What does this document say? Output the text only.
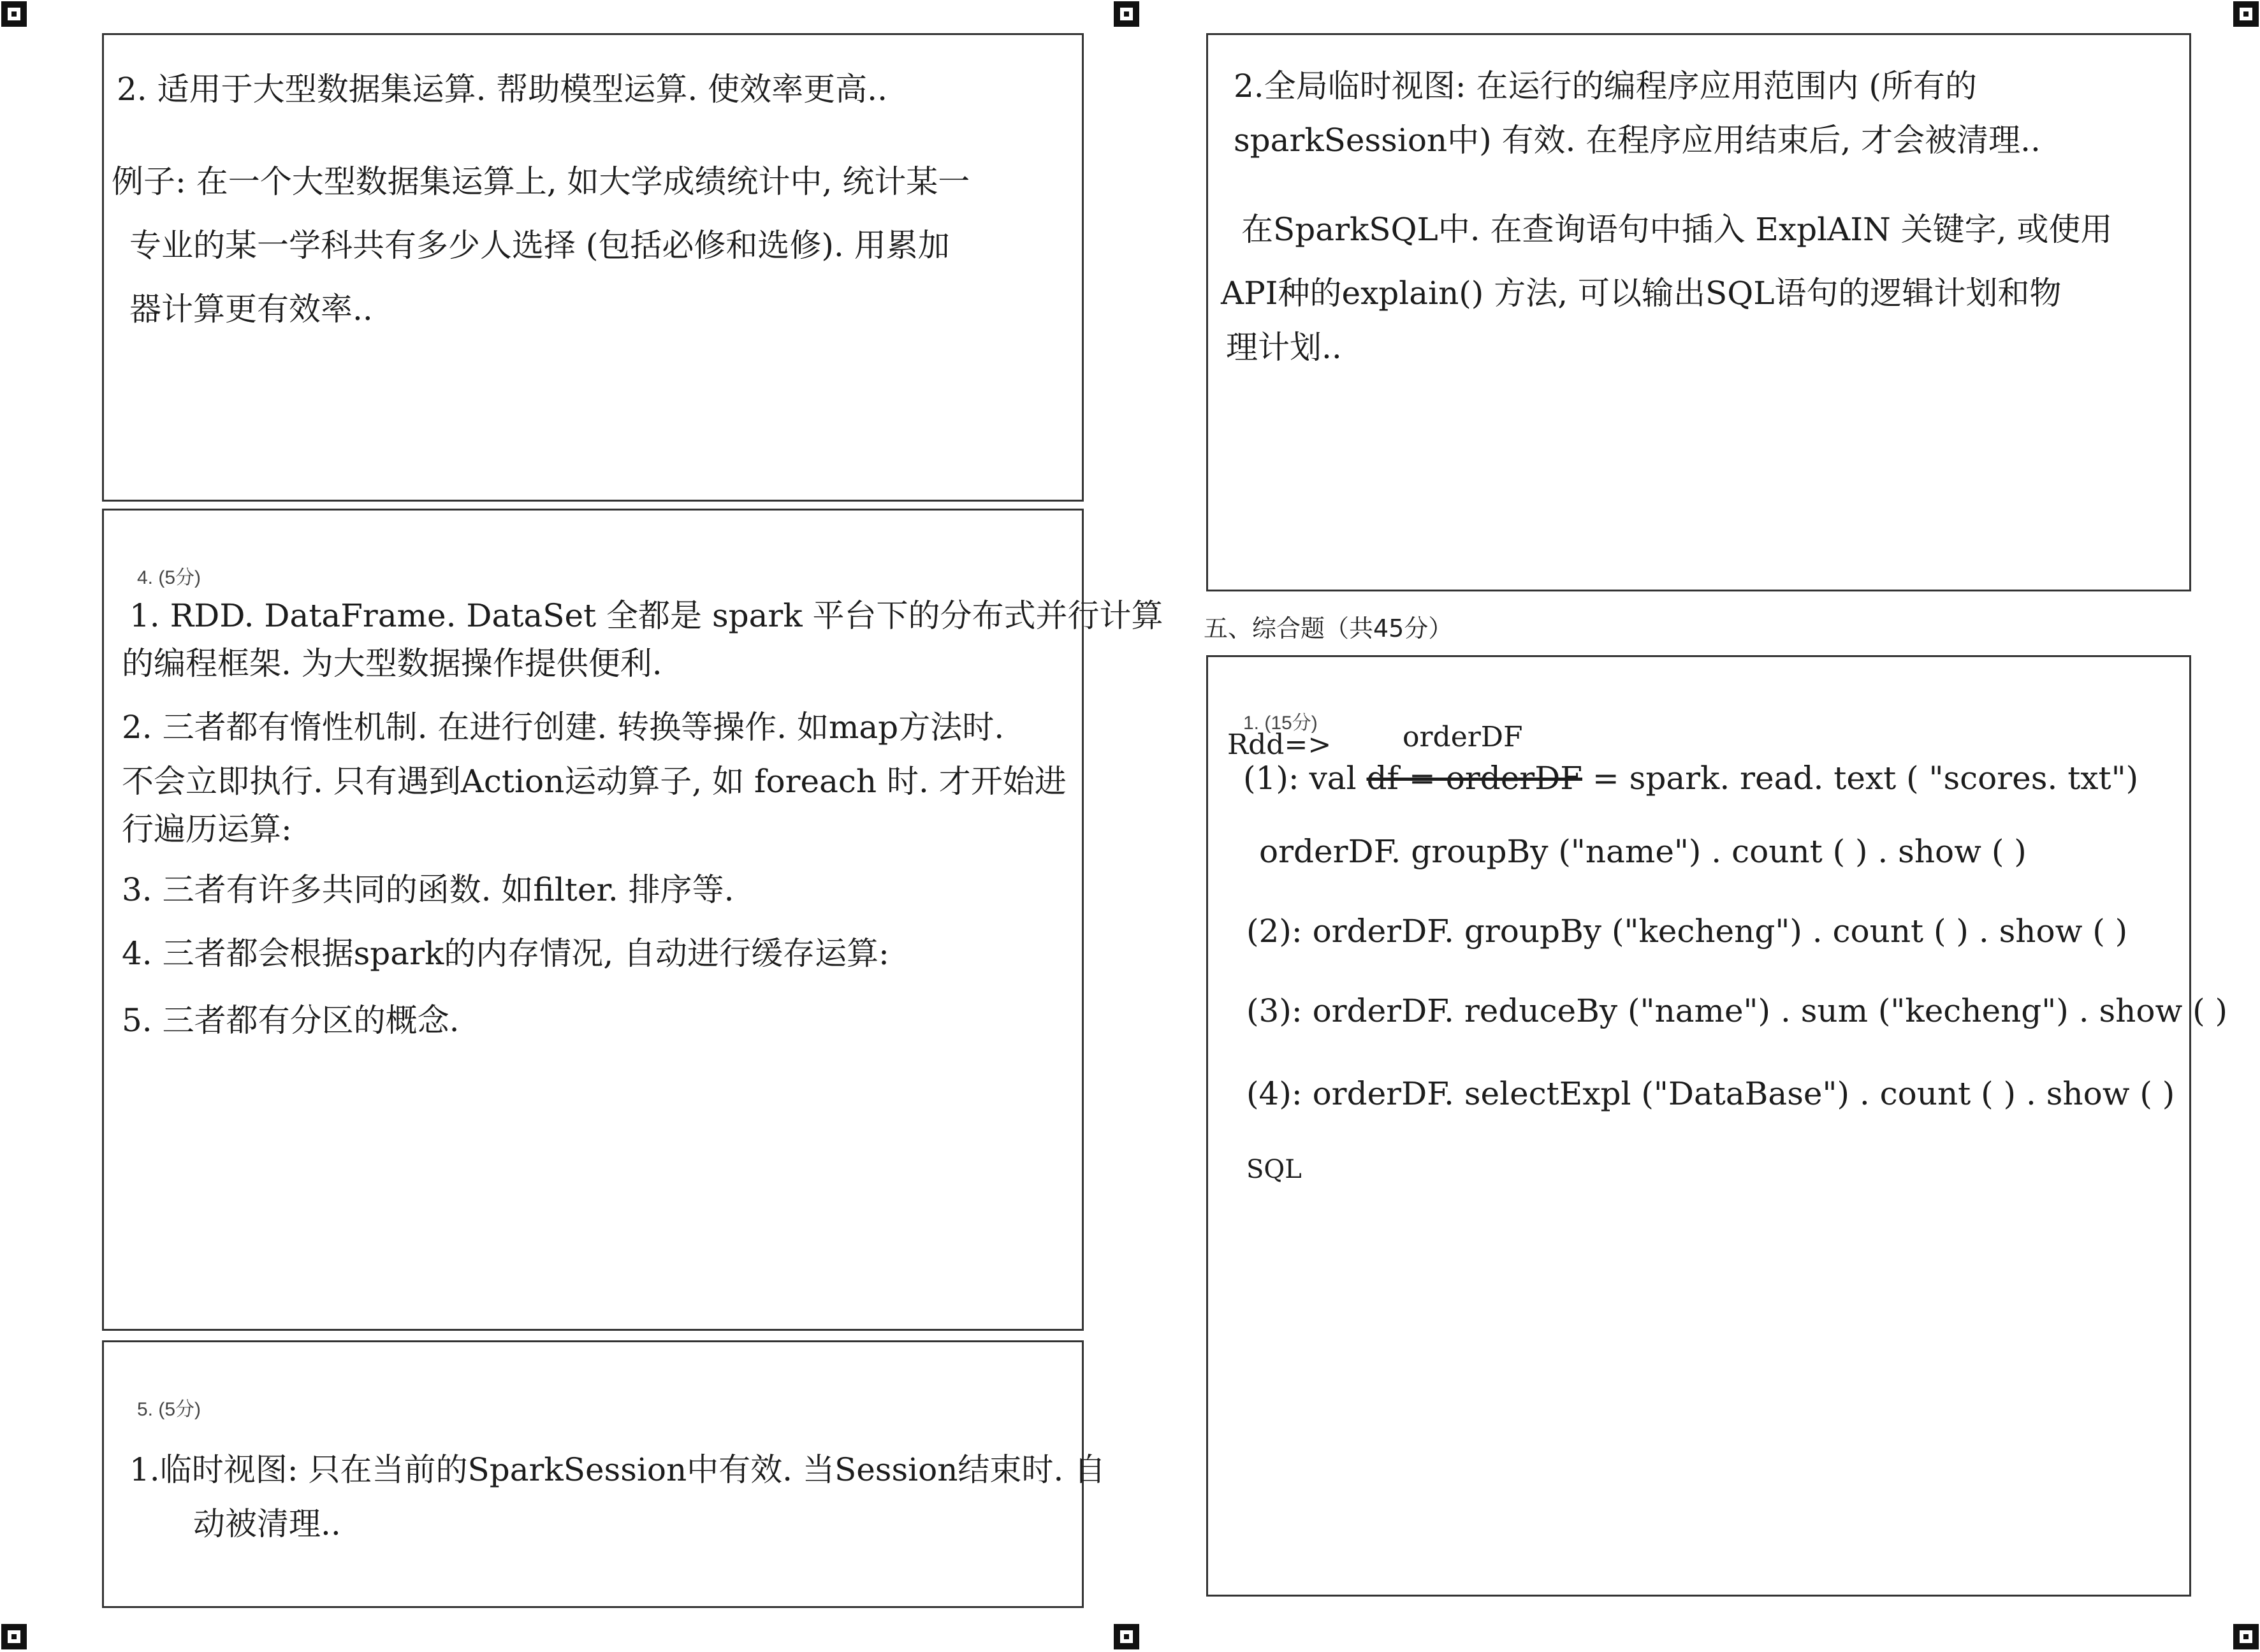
2. 适用于大型数据集运算. 帮助模型运算. 使效率更高..
例子: 在一个大型数据集运算上, 如大学成绩统计中, 统计某一
专业的某一学科共有多少人选择 (包括必修和选修). 用累加
器计算更有效率..
4. (5分)
1. RDD. DataFrame. DataSet 全都是 spark 平台下的分布式并行计算
的编程框架. 为大型数据操作提供便利.
2. 三者都有惰性机制. 在进行创建. 转换等操作. 如map方法时.
不会立即执行. 只有遇到Action运动算子, 如 foreach 时. 才开始进
行遍历运算:
3. 三者有许多共同的函数. 如filter. 排序等.
4. 三者都会根据spark的内存情况, 自动进行缓存运算:
5. 三者都有分区的概念.
5. (5分)
1.临时视图: 只在当前的SparkSession中有效. 当Session结束时. 自
动被清理..
2.全局临时视图: 在运行的编程序应用范围内 (所有的
sparkSession中) 有效. 在程序应用结束后, 才会被清理..
在SparkSQL中. 在查询语句中插入 ExplAIN 关键字, 或使用
API种的explain() 方法, 可以输出SQL语句的逻辑计划和物
理计划..
五、综合题（共45分）
1. (15分)	orderDF
Rdd=>
(1): val df = orderDF = spark. read. text ( "scores. txt")
orderDF. groupBy ("name") . count ( ) . show ( )
(2): orderDF. groupBy ("kecheng") . count ( ) . show ( )
(3): orderDF. reduceBy ("name") . sum ("kecheng") . show ( )
(4): orderDF. selectExpl ("DataBase") . count ( ) . show ( )
SQL
